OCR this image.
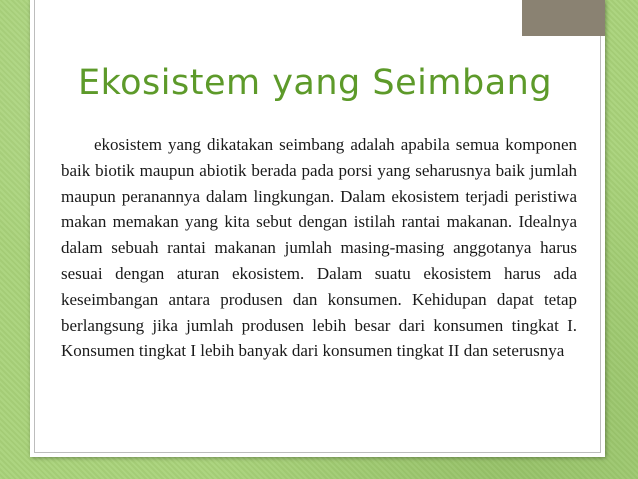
Ekosistem yang Seimbang

ekosistem yang dikatakan seimbang adalah apabila semua komponen baik biotik maupun abiotik berada pada porsi yang seharusnya baik jumlah maupun peranannya dalam lingkungan. Dalam ekosistem terjadi peristiwa makan memakan yang kita sebut dengan istilah rantai makanan. Idealnya dalam sebuah rantai makanan jumlah masing-masing anggotanya harus sesuai dengan aturan ekosistem. Dalam suatu ekosistem harus ada keseimbangan antara produsen dan konsumen. Kehidupan dapat tetap berlangsung jika jumlah produsen lebih besar dari konsumen tingkat I. Konsumen tingkat I lebih banyak dari konsumen tingkat II dan seterusnya
